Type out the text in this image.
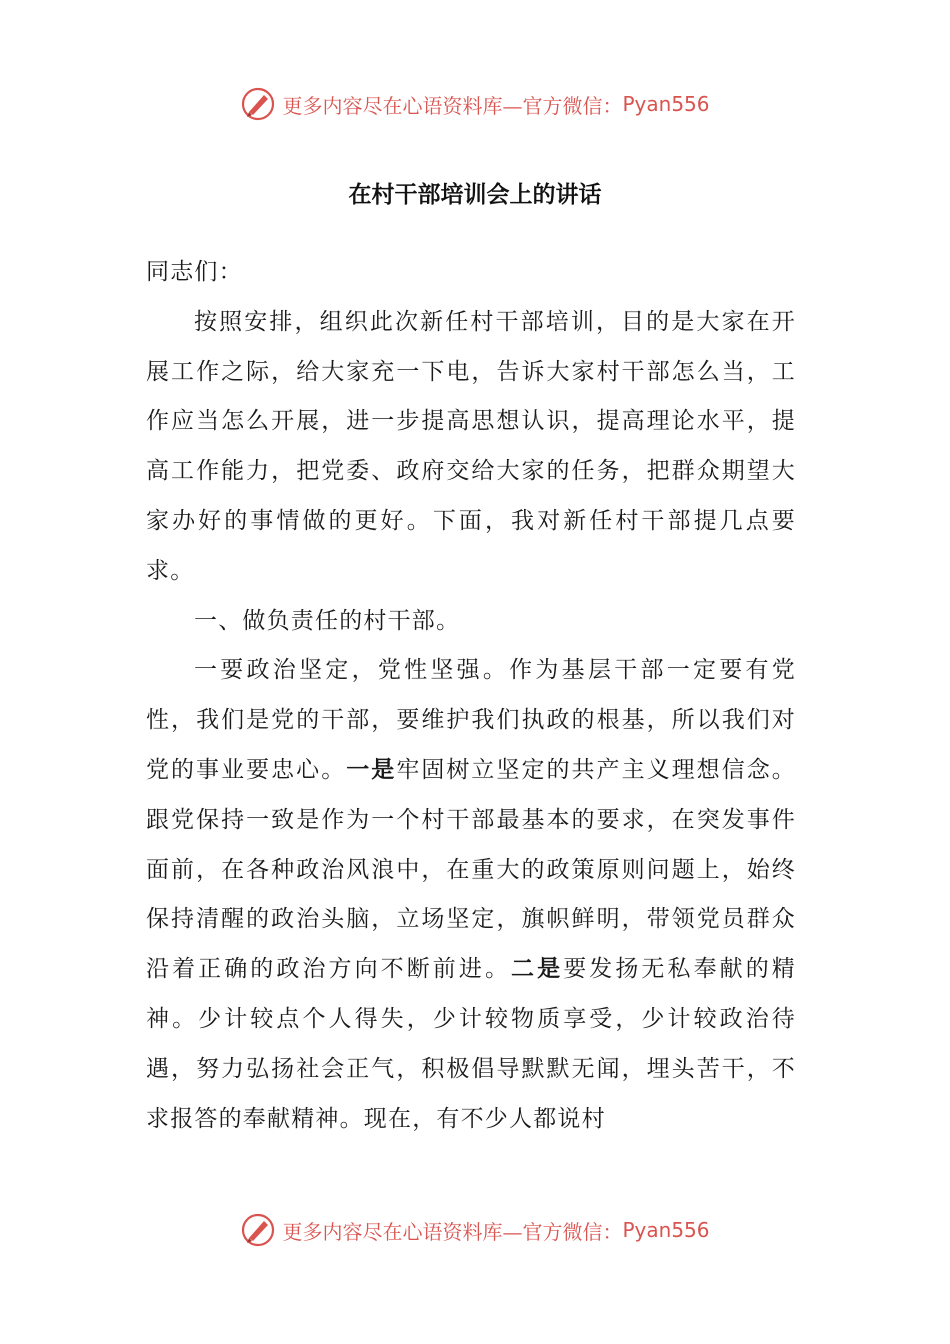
更多内容尽在心语资料库—官方微信： Pyan556
在村干部培训会上的讲话

同志们：

按照安排，组织此次新任村干部培训，目的是大家在开展工作之际，给大家充一下电，告诉大家村干部怎么当，工作应当怎么开展，进一步提高思想认识，提高理论水平，提高工作能力，把党委、政府交给大家的任务，把群众期望大家办好的事情做的更好。下面，我对新任村干部提几点要求。

一、做负责任的村干部。

一要政治坚定，党性坚强。作为基层干部一定要有党性，我们是党的干部，要维护我们执政的根基，所以我们对党的事业要忠心。一是牢固树立坚定的共产主义理想信念。跟党保持一致是作为一个村干部最基本的要求，在突发事件面前，在各种政治风浪中，在重大的政策原则问题上，始终保持清醒的政治头脑，立场坚定，旗帜鲜明，带领党员群众沿着正确的政治方向不断前进。二是要发扬无私奉献的精神。少计较点个人得失，少计较物质享受，少计较政治待遇，努力弘扬社会正气，积极倡导默默无闻，埋头苦干，不求报答的奉献精神。现在，有不少人都说村

更多内容尽在心语资料库—官方微信： Pyan556
